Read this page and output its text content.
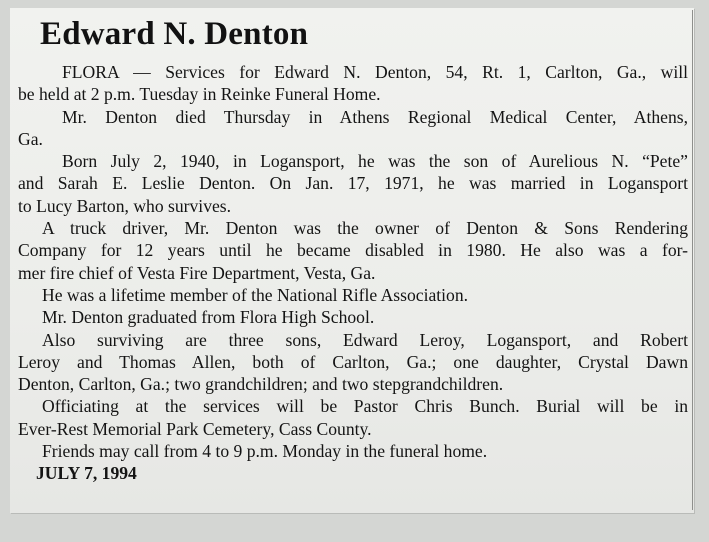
Edward N. Denton
FLORA — Services for Edward N. Denton, 54, Rt. 1, Carlton, Ga., will
be held at 2 p.m. Tuesday in Reinke Funeral Home.
Mr. Denton died Thursday in Athens Regional Medical Center, Athens,
Ga.
Born July 2, 1940, in Logansport, he was the son of Aurelious N. “Pete”
and Sarah E. Leslie Denton. On Jan. 17, 1971, he was married in Logansport
to Lucy Barton, who survives.
A truck driver, Mr. Denton was the owner of Denton & Sons Rendering
Company for 12 years until he became disabled in 1980. He also was a for-
mer fire chief of Vesta Fire Department, Vesta, Ga.
He was a lifetime member of the National Rifle Association.
Mr. Denton graduated from Flora High School.
Also surviving are three sons, Edward Leroy, Logansport, and Robert
Leroy and Thomas Allen, both of Carlton, Ga.; one daughter, Crystal Dawn
Denton, Carlton, Ga.; two grandchildren; and two stepgrandchildren.
Officiating at the services will be Pastor Chris Bunch. Burial will be in
Ever-Rest Memorial Park Cemetery, Cass County.
Friends may call from 4 to 9 p.m. Monday in the funeral home.
JULY 7, 1994
